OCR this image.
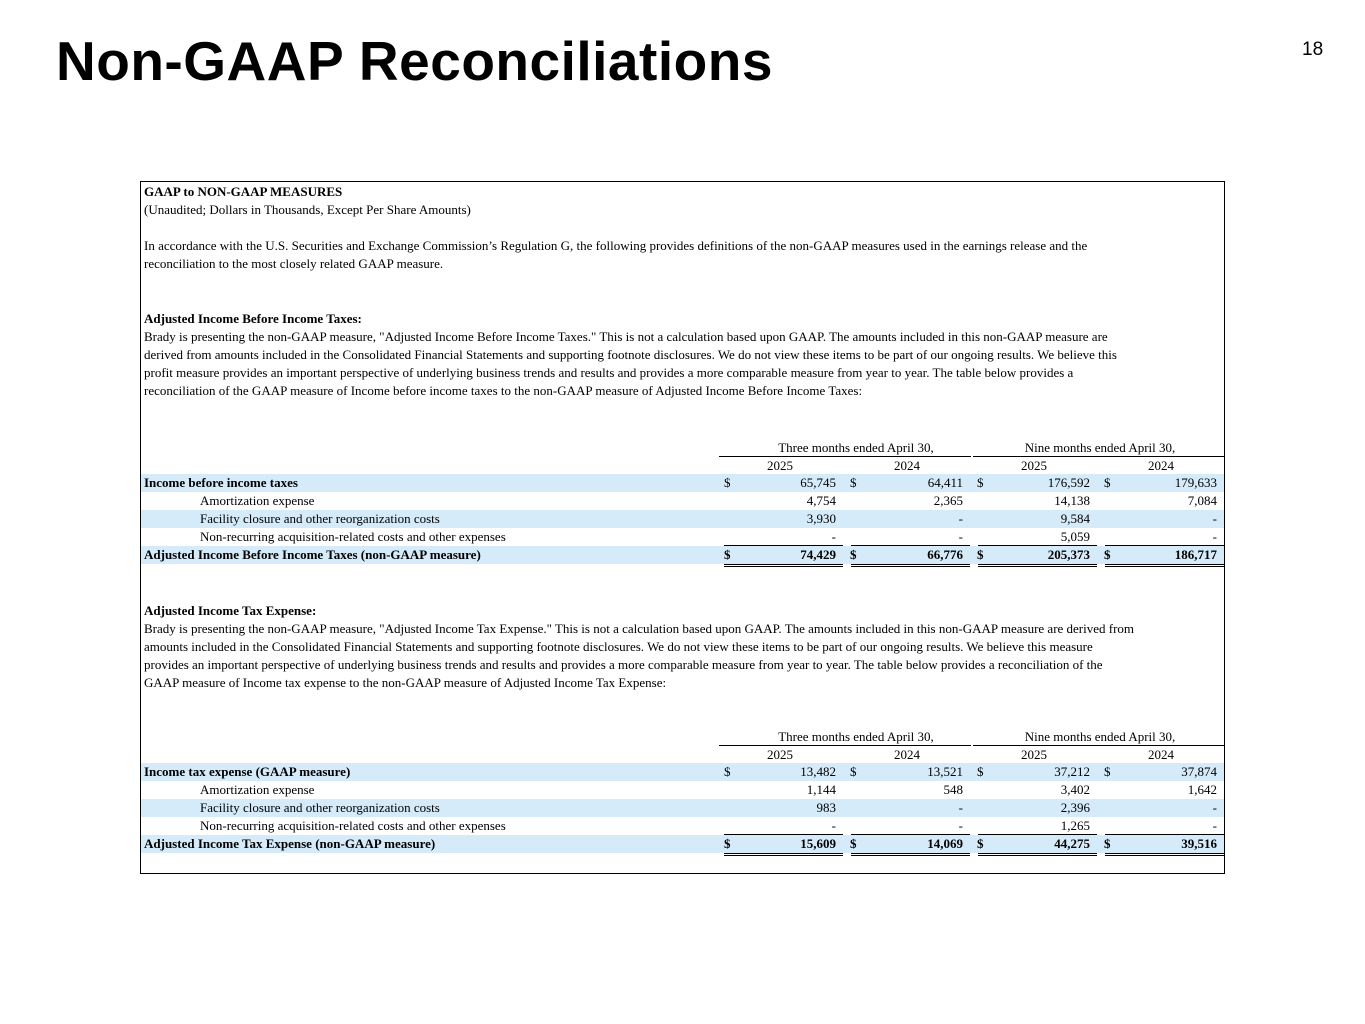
Non-GAAP Reconciliations	18
GAAP to NON-GAAP MEASURES
(Unaudited; Dollars in Thousands, Except Per Share Amounts)

In accordance with the U.S. Securities and Exchange Commission’s Regulation G, the following provides definitions of the non-GAAP measures used in the earnings release and the

reconciliation to the most closely related GAAP measure.

Adjusted Income Before Income Taxes:

Brady is presenting the non-GAAP measure, "Adjusted Income Before Income Taxes." This is not a calculation based upon GAAP. The amounts included in this non-GAAP measure are

derived from amounts included in the Consolidated Financial Statements and supporting footnote disclosures. We do not view these items to be part of our ongoing results. We believe this

profit measure provides an important perspective of underlying business trends and results and provides a more comparable measure from year to year. The table below provides a

reconciliation of the GAAP measure of Income before income taxes to the non-GAAP measure of Adjusted Income Before Income Taxes:

Three months ended April 30,	Nine months ended April 30,
2025	2024	2025	2024
Income before income taxes	$	65,745 $	64,411 $	176,592 $	179,633
Amortization expense	4,754	2,365	14,138	7,084
Facility closure and other reorganization costs	3,930	-	9,584	-
Non-recurring acquisition-related costs and other expenses	-	-	5,059	-
Adjusted Income Before Income Taxes (non-GAAP measure)	$	74,429 $	66,776 $	205,373 $	186,717
Adjusted Income Tax Expense:

Brady is presenting the non-GAAP measure, "Adjusted Income Tax Expense." This is not a calculation based upon GAAP. The amounts included in this non-GAAP measure are derived from

amounts included in the Consolidated Financial Statements and supporting footnote disclosures. We do not view these items to be part of our ongoing results. We believe this measure

provides an important perspective of underlying business trends and results and provides a more comparable measure from year to year. The table below provides a reconciliation of the

GAAP measure of Income tax expense to the non-GAAP measure of Adjusted Income Tax Expense:

Three months ended April 30,	Nine months ended April 30,
2025	2024	2025	2024
Income tax expense (GAAP measure)	$	13,482 $	13,521 $	37,212 $	37,874
Amortization expense	1,144	548	3,402	1,642
Facility closure and other reorganization costs	983	-	2,396	-
Non-recurring acquisition-related costs and other expenses	-	-	1,265	-
Adjusted Income Tax Expense (non-GAAP measure)	$	15,609 $	14,069 $	44,275 $	39,516
